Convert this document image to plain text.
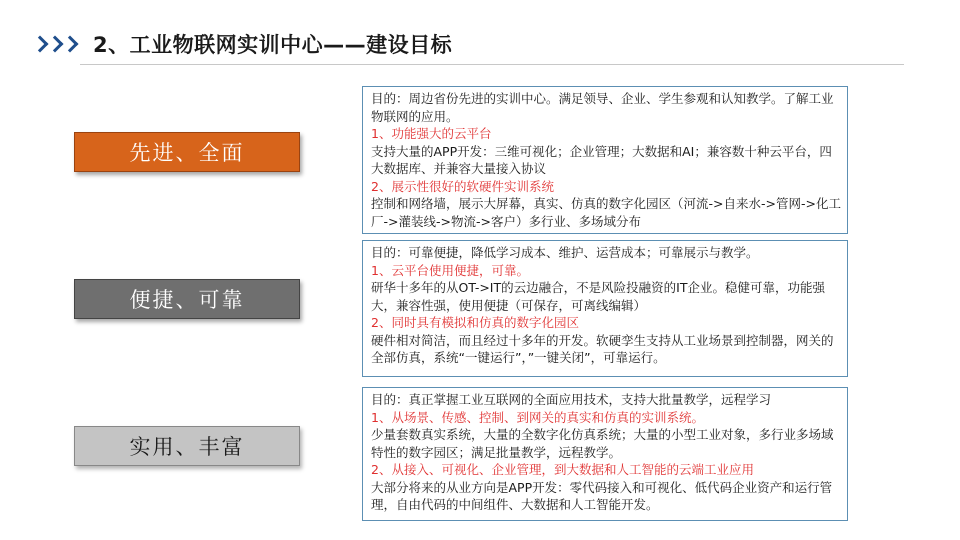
2、工业物联网实训中心——建设目标
先进、全面

目的：周边省份先进的实训中心。满足领导、企业、学生参观和认知教学。了解工业物联网的应用。

1、功能强大的云平台

支持大量的APP开发：三维可视化；企业管理；大数据和AI；兼容数十种云平台，四大数据库、并兼容大量接入协议

2、展示性很好的软硬件实训系统

控制和网络墙，展示大屏幕，真实、仿真的数字化园区（河流->自来水->管网->化工厂->灌装线->物流->客户）多行业、多场域分布

便捷、可靠

目的：可靠便捷，降低学习成本、维护、运营成本；可靠展示与教学。

1、云平台使用便捷，可靠。

研华十多年的从OT->IT的云边融合，不是风险投融资的IT企业。稳健可靠，功能强大，兼容性强，使用便捷（可保存，可离线编辑）

2、同时具有模拟和仿真的数字化园区

硬件相对简洁，而且经过十多年的开发。软硬孪生支持从工业场景到控制器，网关的全部仿真，系统“一键运行”，”一键关闭”，可靠运行。

实用、丰富

目的：真正掌握工业互联网的全面应用技术，支持大批量教学，远程学习

1、从场景、传感、控制、到网关的真实和仿真的实训系统。

少量套数真实系统，大量的全数字化仿真系统；大量的小型工业对象，多行业多场域特性的数字园区；满足批量教学，远程教学。

2、从接入、可视化、企业管理，到大数据和人工智能的云端工业应用

大部分将来的从业方向是APP开发：零代码接入和可视化、低代码企业资产和运行管理，自由代码的中间组件、大数据和人工智能开发。
